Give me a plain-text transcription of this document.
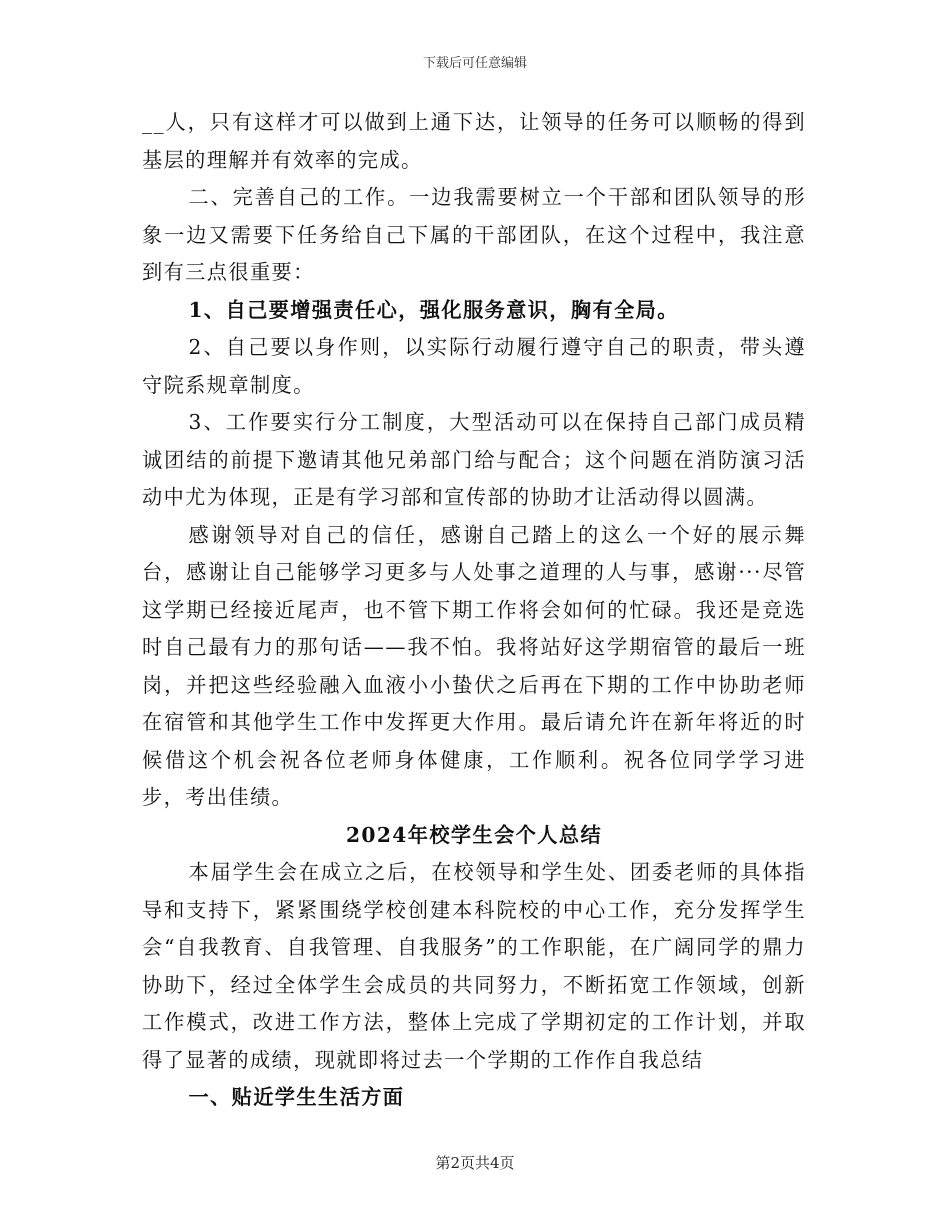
下载后可任意编辑

__人，只有这样才可以做到上通下达，让领导的任务可以顺畅的得到基层的理解并有效率的完成。

二、完善自己的工作。一边我需要树立一个干部和团队领导的形象一边又需要下任务给自己下属的干部团队，在这个过程中，我注意到有三点很重要：

1、自己要增强责任心，强化服务意识，胸有全局。

2、自己要以身作则，以实际行动履行遵守自己的职责，带头遵守院系规章制度。

3、工作要实行分工制度，大型活动可以在保持自己部门成员精诚团结的前提下邀请其他兄弟部门给与配合；这个问题在消防演习活动中尤为体现，正是有学习部和宣传部的协助才让活动得以圆满。

感谢领导对自己的信任，感谢自己踏上的这么一个好的展示舞台，感谢让自己能够学习更多与人处事之道理的人与事，感谢···尽管这学期已经接近尾声，也不管下期工作将会如何的忙碌。我还是竞选时自己最有力的那句话——我不怕。我将站好这学期宿管的最后一班岗，并把这些经验融入血液小小蛰伏之后再在下期的工作中协助老师在宿管和其他学生工作中发挥更大作用。最后请允许在新年将近的时候借这个机会祝各位老师身体健康，工作顺利。祝各位同学学习进步，考出佳绩。

2024年校学生会个人总结

本届学生会在成立之后，在校领导和学生处、团委老师的具体指导和支持下，紧紧围绕学校创建本科院校的中心工作，充分发挥学生会“自我教育、自我管理、自我服务”的工作职能，在广阔同学的鼎力协助下，经过全体学生会成员的共同努力，不断拓宽工作领域，创新工作模式，改进工作方法，整体上完成了学期初定的工作计划，并取得了显著的成绩，现就即将过去一个学期的工作作自我总结

一、贴近学生生活方面

第2页共4页
